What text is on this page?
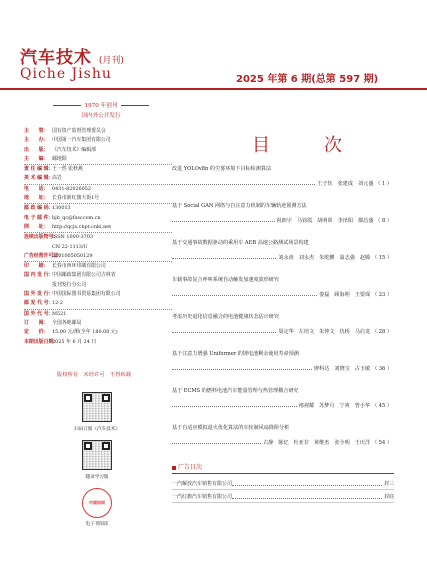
汽车技术 (月刊)
Qiche Jishu	2025 年第 6 期(总第 597 期)
1970 年创刊
国内外公开发行
主　　管： 国有资产监督管理委员会
主　　办： 中国第一汽车集团有限公司
出　　版： 《汽车技术》编辑部
主　　编： 邮地阳
责 任 编 辑：
王一然 张秋燕
美 术 编 辑：
高岩
电　　话： 0431-82026052
地　　址： 长春市新红旗大街1号
邮 政 编 码：
130013
电 子 邮 件：
bjb_qc@faw.com.cn
网　　址： http://qcjs.cbpt.cnki.net
连续出版物号：
ISSN 1000-3703
CN 22-1113/U
广告经营许可证：
2201005050129
印　　刷： 长春市西环印刷有限公司
国 内 发 行：
中国邮政集团有限公司吉林省
报刊发行分公司
国 外 发 行：
中国国际图书贸易集团有限公司
邮 发 代 号：
12-2
国 外 代 号：
M521
订　　阅： 全国各地邮局
定　　价： 15.00 元/册(全年 180.00 元)
本期出版日期：
2025 年 6 月 24 日
版权所有　未经许可　不得转载
扫码订阅《汽车技术》
随录学习版
中国知网
电子刊阅读
目　次
改进 YOLOv8n 的尘雾环境下目标检测算法
王子钰　张建成　刘元盛 （ 1 ）
基于 Social GAN 网络与自注意力机制的车辆轨迹预测方法
祝朗宇　马钧霞　胡明训　李泽阳　都昌盛 （ 8 ）
基于交通事故数据驱动的乘用车 AEB 高速公路测试场景构建
刘永涛　刘永杰　朱屹鹏　嵩志强　赵腾 （ 15 ）
车载事故复合呼叫系统自动触发加速度波形研究
娄磊　顾海明　王要琛 （ 23 ）
考虑历史退化信息融合的电池健康状态估计研究
周定华　左培文　朱仲文　仇桥　马启龙 （ 28 ）
基于注意力增强 Uniformer 的锂电池剩余使用寿命预测
廖科达　刘晓宝　占玉敏 （ 36 ）
基于 ECMS 的燃料电池汽车能量管理与热管理耦合研究
褚视耀　苏梦月　宁爽　曾小华 （ 45 ）
基于自适应模拟退火优化算法的车轮制风扇降阻分析
古静　陈忆　杜亚非　黄维杰　张全明　王庆洋 （ 54 ）
广告目次
一汽解放汽车销售有限公司	封三
一汽红旗汽车销售有限公司	封底
